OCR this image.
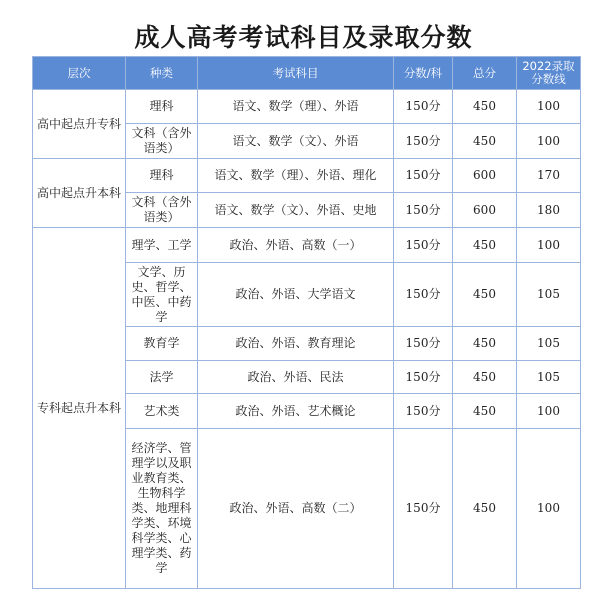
成人高考考试科目及录取分数
层次	种类	考试科目	分数/科	总分	2022录取分数线
高中起点升专科	理科	语文、数学（理）、外语	150分	450	100
	文科（含外语类）	语文、数学（文）、外语	150分	450	100
高中起点升本科	理科	语文、数学（理）、外语、理化	150分	600	170
	文科（含外语类）	语文、数学（文）、外语、史地	150分	600	180
专科起点升本科	理学、工学	政治、外语、高数（一）	150分	450	100
	文学、历史、哲学、中医、中药学	政治、外语、大学语文	150分	450	105
	教育学	政治、外语、教育理论	150分	450	105
	法学	政治、外语、民法	150分	450	105
	艺术类	政治、外语、艺术概论	150分	450	100
	经济学、管理学以及职业教育类、生物科学类、地理科学类、环境科学类、心理学类、药学	政治、外语、高数（二）	150分	450	100
